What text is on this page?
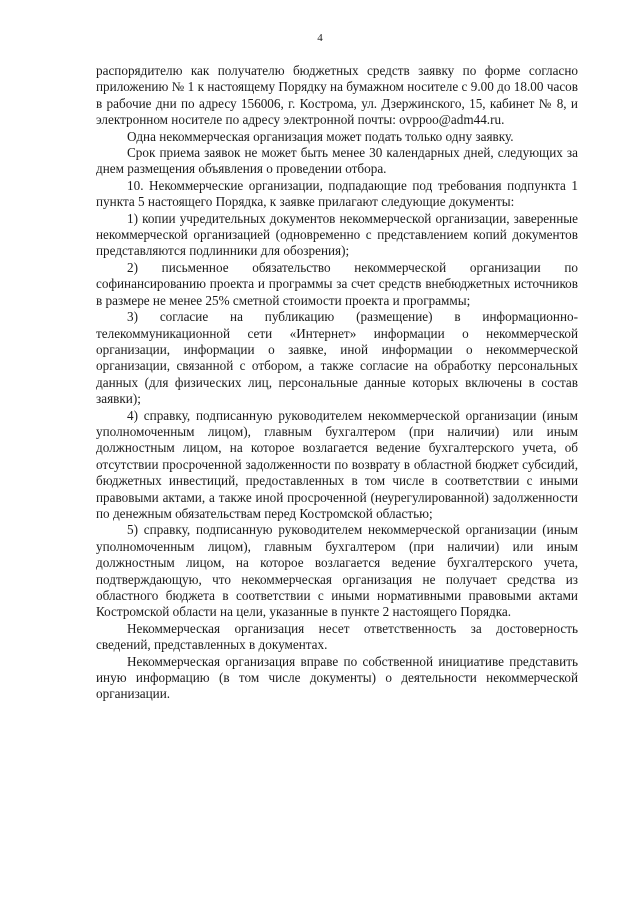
4

распорядителю как получателю бюджетных средств заявку по форме согласно приложению № 1 к настоящему Порядку на бумажном носителе с 9.00 до 18.00 часов в рабочие дни по адресу 156006, г. Кострома, ул. Дзержинского, 15, кабинет № 8, и электронном носителе по адресу электронной почты: ovppoo@adm44.ru.

Одна некоммерческая организация может подать только одну заявку.

Срок приема заявок не может быть менее 30 календарных дней, следующих за днем размещения объявления о проведении отбора.

10. Некоммерческие организации, подпадающие под требования подпункта 1 пункта 5 настоящего Порядка, к заявке прилагают следующие документы:

1) копии учредительных документов некоммерческой организации, заверенные некоммерческой организацией (одновременно с представлением копий документов представляются подлинники для обозрения);

2) письменное обязательство некоммерческой организации по софинансированию проекта и программы за счет средств внебюджетных источников в размере не менее 25% сметной стоимости проекта и программы;

3) согласие на публикацию (размещение) в информационно-телекоммуникационной сети «Интернет» информации о некоммерческой организации, информации о заявке, иной информации о некоммерческой организации, связанной с отбором, а также согласие на обработку персональных данных (для физических лиц, персональные данные которых включены в состав заявки);

4) справку, подписанную руководителем некоммерческой организации (иным уполномоченным лицом), главным бухгалтером (при наличии) или иным должностным лицом, на которое возлагается ведение бухгалтерского учета, об отсутствии просроченной задолженности по возврату в областной бюджет субсидий, бюджетных инвестиций, предоставленных в том числе в соответствии с иными правовыми актами, а также иной просроченной (неурегулированной) задолженности по денежным обязательствам перед Костромской областью;

5) справку, подписанную руководителем некоммерческой организации (иным уполномоченным лицом), главным бухгалтером (при наличии) или иным должностным лицом, на которое возлагается ведение бухгалтерского учета, подтверждающую, что некоммерческая организация не получает средства из областного бюджета в соответствии с иными нормативными правовыми актами Костромской области на цели, указанные в пункте 2 настоящего Порядка.

Некоммерческая организация несет ответственность за достоверность сведений, представленных в документах.

Некоммерческая организация вправе по собственной инициативе представить иную информацию (в том числе документы) о деятельности некоммерческой организации.
